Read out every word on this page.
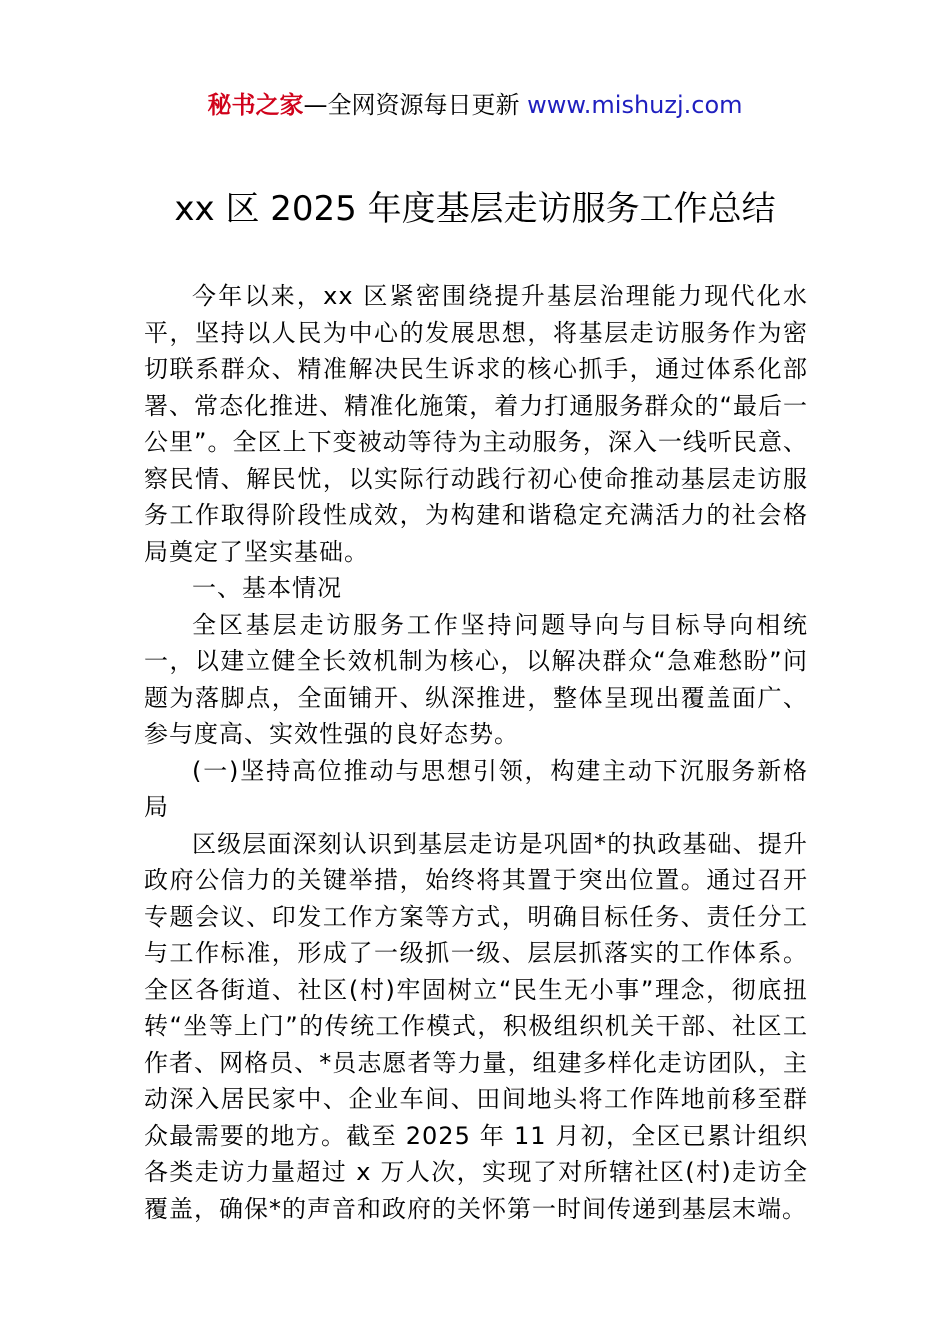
秘书之家—全网资源每日更新 www.mishuzj.com
xx 区 2025 年度基层走访服务工作总结

今年以来，xx 区紧密围绕提升基层治理能力现代化水平，坚持以人民为中心的发展思想，将基层走访服务作为密切联系群众、精准解决民生诉求的核心抓手，通过体系化部署、常态化推进、精准化施策，着力打通服务群众的“最后一公里”。全区上下变被动等待为主动服务，深入一线听民意、察民情、解民忧，以实际行动践行初心使命推动基层走访服务工作取得阶段性成效，为构建和谐稳定充满活力的社会格局奠定了坚实基础。

一、基本情况

全区基层走访服务工作坚持问题导向与目标导向相统一，以建立健全长效机制为核心，以解决群众“急难愁盼”问题为落脚点，全面铺开、纵深推进，整体呈现出覆盖面广、参与度高、实效性强的良好态势。

(一)坚持高位推动与思想引领，构建主动下沉服务新格局

区级层面深刻认识到基层走访是巩固*的执政基础、提升政府公信力的关键举措，始终将其置于突出位置。通过召开专题会议、印发工作方案等方式，明确目标任务、责任分工与工作标准，形成了一级抓一级、层层抓落实的工作体系。全区各街道、社区(村)牢固树立“民生无小事”理念，彻底扭转“坐等上门”的传统工作模式，积极组织机关干部、社区工作者、网格员、*员志愿者等力量，组建多样化走访团队，主动深入居民家中、企业车间、田间地头将工作阵地前移至群众最需要的地方。截至 2025 年 11 月初，全区已累计组织各类走访力量超过 x 万人次，实现了对所辖社区(村)走访全覆盖，确保*的声音和政府的关怀第一时间传递到基层末端。
